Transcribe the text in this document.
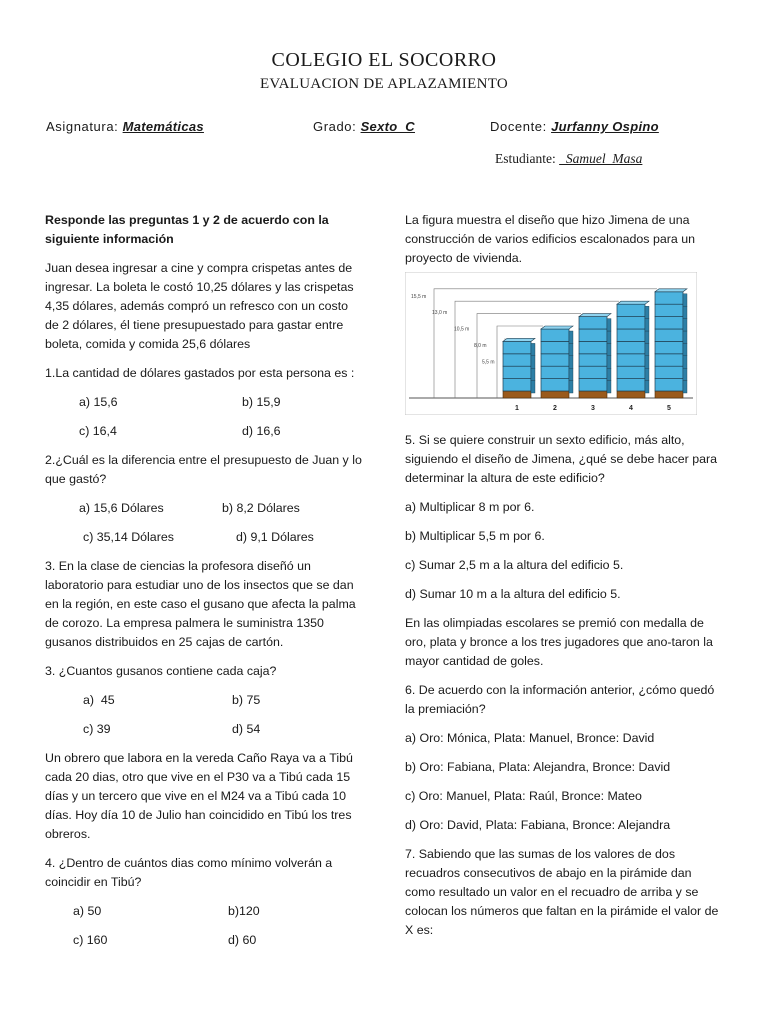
COLEGIO EL SOCORRO
EVALUACION DE APLAZAMIENTO
Asignatura: Matemáticas	Grado: Sexto  C	Docente: Jurfanny Ospino
Estudiante:   Samuel  Masa

Responde las preguntas 1 y 2 de acuerdo con la siguiente información

Juan desea ingresar a cine y compra crispetas antes de ingresar. La boleta le costó 10,25 dólares y las crispetas 4,35 dólares, además compró un refresco con un costo de 2 dólares, él tiene presupuestado para gastar entre boleta, comida y comida 25,6 dólares

1.La cantidad de dólares gastados por esta persona es :

a) 15,6	b) 15,9
c) 16,4	d) 16,6

2.¿Cuál es la diferencia entre el presupuesto de Juan y lo que gastó?

a) 15,6 Dólares	b) 8,2 Dólares
c) 35,14 Dólares	d) 9,1 Dólares

3. En la clase de ciencias la profesora diseñó un laboratorio para estudiar uno de los insectos que se dan en la región, en este caso el gusano que afecta la palma de corozo. La empresa palmera le suministra 1350 gusanos distribuidos en 25 cajas de cartón.

3. ¿Cuantos gusanos contiene cada caja?

a)  45	b) 75
c) 39	d) 54

Un obrero que labora en la vereda Caño Raya va a Tibú cada 20 dias, otro que vive en el P30 va a Tibú cada 15 días y un tercero que vive en el M24 va a Tibú cada 10 días. Hoy día 10 de Julio han coincidido en Tibú los tres obreros.

4. ¿Dentro de cuántos dias como mínimo volverán a coincidir en Tibú?

a) 50	b)120
c) 160	d) 60

La figura muestra el diseño que hizo Jimena de una construcción de varios edificios escalonados para un proyecto de vivienda.

15,5 m
13,0 m
10,5 m
8,0 m
5,5 m
1	2	3	4	5

5. Si se quiere construir un sexto edificio, más alto, siguiendo el diseño de Jimena, ¿qué se debe hacer para determinar la altura de este edificio?

a) Multiplicar 8 m por 6.

b) Multiplicar 5,5 m por 6.

c) Sumar 2,5 m a la altura del edificio 5.

d) Sumar 10 m a la altura del edificio 5.

En las olimpiadas escolares se premió con medalla de oro, plata y bronce a los tres jugadores que ano-taron la mayor cantidad de goles.

6. De acuerdo con la información anterior, ¿cómo quedó la premiación?

a) Oro: Mónica, Plata: Manuel, Bronce: David

b) Oro: Fabiana, Plata: Alejandra, Bronce: David

c) Oro: Manuel, Plata: Raúl, Bronce: Mateo

d) Oro: David, Plata: Fabiana, Bronce: Alejandra

7. Sabiendo que las sumas de los valores de dos recuadros consecutivos de abajo en la pirámide dan como resultado un valor en el recuadro de arriba y se colocan los números que faltan en la pirámide el valor de X es:
